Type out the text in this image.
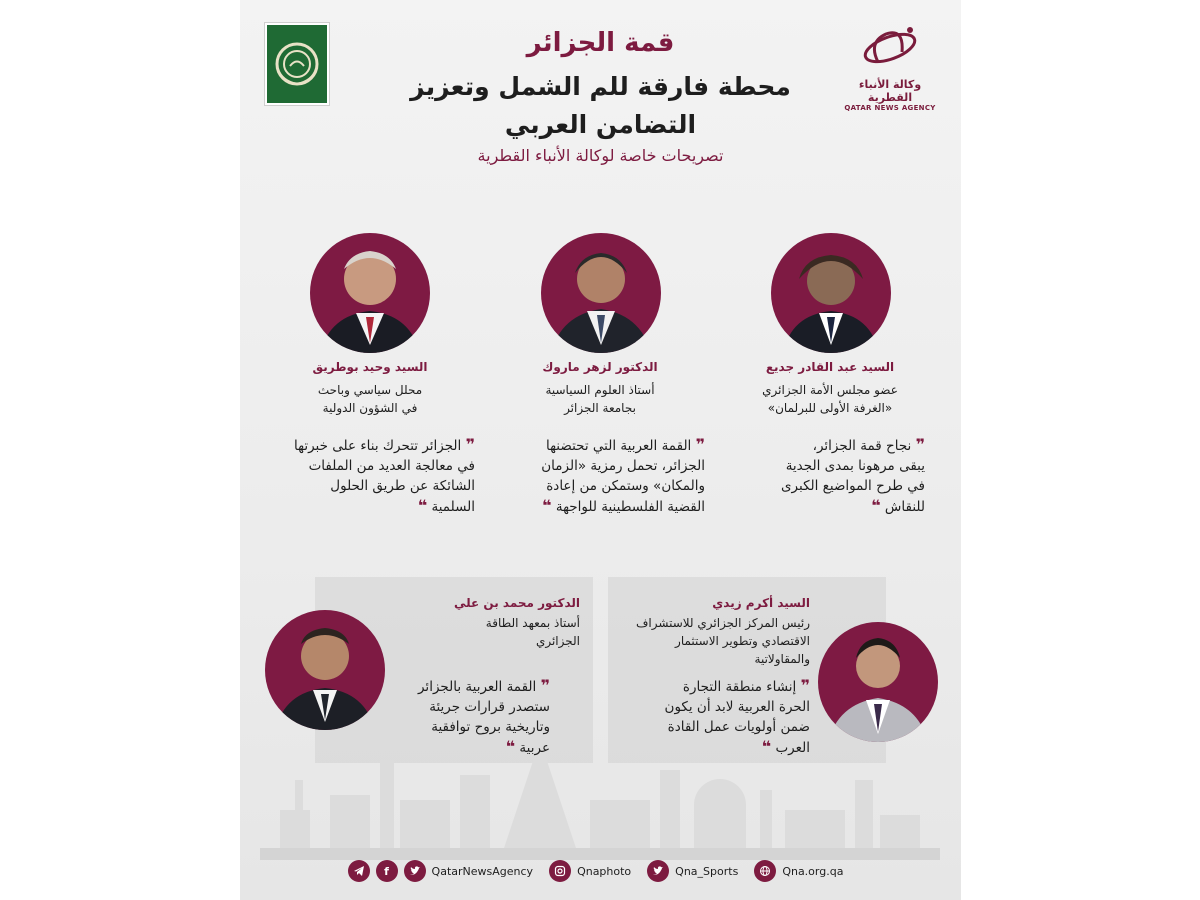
وكالة الأنباء القطرية
QATAR NEWS AGENCY
قمة الجزائر
محطة فارقة للم الشمل وتعزيز
التضامن العربي
تصريحات خاصة لوكالة الأنباء القطرية
السيد عبد القادر جديع
عضو مجلس الأمة الجزائري
«الغرفة الأولى للبرلمان»
❞ نجاح قمة الجزائر،
يبقى مرهونا بمدى الجدية
في طرح المواضيع الكبرى
للنقاش ❝
الدكتور لزهر ماروك
أستاذ العلوم السياسية
بجامعة الجزائر
❞ القمة العربية التي تحتضنها
الجزائر، تحمل رمزية «الزمان
والمكان» وستمكن من إعادة
القضية الفلسطينية للواجهة ❝
السيد وحيد بوطريق
محلل سياسي وباحث
في الشؤون الدولية
❞ الجزائر تتحرك بناء على خبرتها
في معالجة العديد من الملفات
الشائكة عن طريق الحلول
السلمية ❝
السيد أكرم زيدي
رئيس المركز الجزائري للاستشراف
الاقتصادي وتطوير الاستثمار
والمقاولاتية
❞ إنشاء منطقة التجارة
الحرة العربية لابد أن يكون
ضمن أولويات عمل القادة
العرب ❝
الدكتور محمد بن علي
أستاذ بمعهد الطاقة
الجزائري
❞ القمة العربية بالجزائر
ستصدر قرارات جريئة
وتاريخية بروح توافقية
عربية ❝
f	QatarNewsAgency	Qnaphoto	Qna_Sports	Qna.org.qa
